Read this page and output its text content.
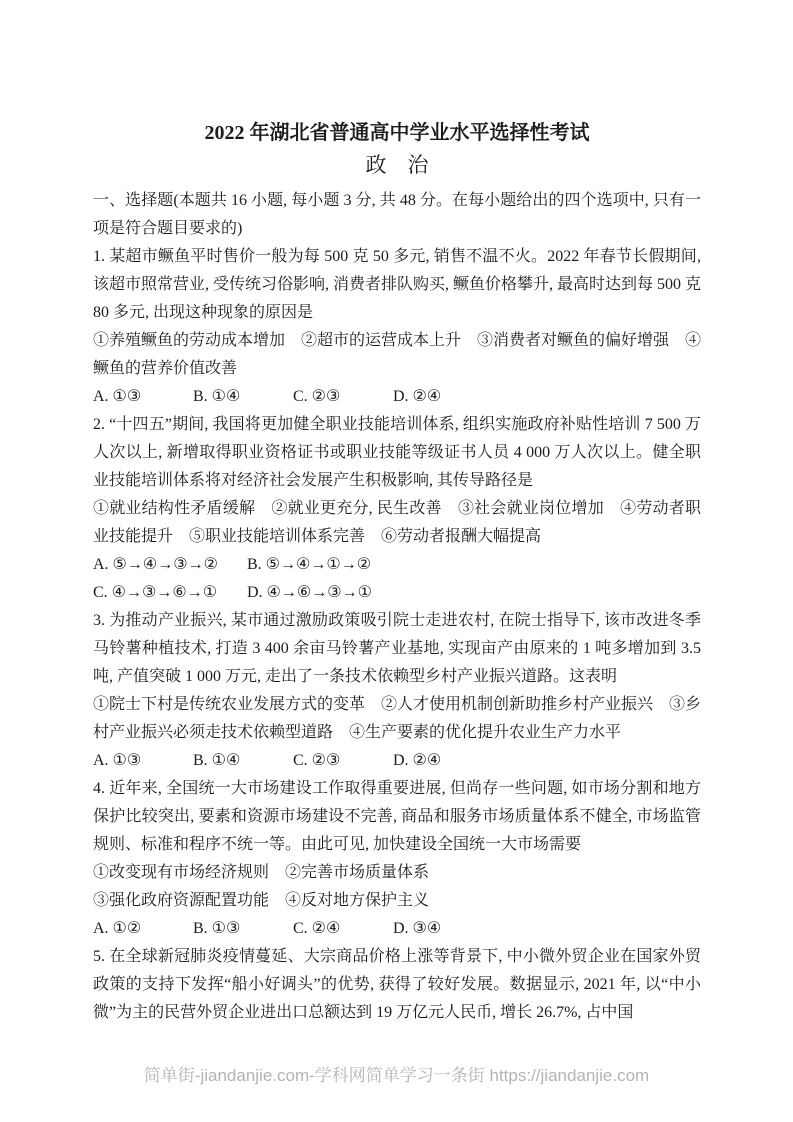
2022 年湖北省普通高中学业水平选择性考试
政　治

一、选择题(本题共 16 小题, 每小题 3 分, 共 48 分。在每小题给出的四个选项中, 只有一项是符合题目要求的)

1. 某超市鳜鱼平时售价一般为每 500 克 50 多元, 销售不温不火。2022 年春节长假期间, 该超市照常营业, 受传统习俗影响, 消费者排队购买, 鳜鱼价格攀升, 最高时达到每 500 克 80 多元, 出现这种现象的原因是

①养殖鳜鱼的劳动成本增加　②超市的运营成本上升　③消费者对鳜鱼的偏好增强　④鳜鱼的营养价值改善

A. ①③	B. ①④	C. ②③	D. ②④

2. “十四五”期间, 我国将更加健全职业技能培训体系, 组织实施政府补贴性培训 7 500 万人次以上, 新增取得职业资格证书或职业技能等级证书人员 4 000 万人次以上。健全职业技能培训体系将对经济社会发展产生积极影响, 其传导路径是

①就业结构性矛盾缓解　②就业更充分, 民生改善　③社会就业岗位增加　④劳动者职业技能提升　⑤职业技能培训体系完善　⑥劳动者报酬大幅提高

A. ⑤→④→③→② B. ⑤→④→①→②

C. ④→③→⑥→① D. ④→⑥→③→①

3. 为推动产业振兴, 某市通过激励政策吸引院士走进农村, 在院士指导下, 该市改进冬季马铃薯种植技术, 打造 3 400 余亩马铃薯产业基地, 实现亩产由原来的 1 吨多增加到 3.5 吨, 产值突破 1 000 万元, 走出了一条技术依赖型乡村产业振兴道路。这表明

①院士下村是传统农业发展方式的变革　②人才使用机制创新助推乡村产业振兴　③乡村产业振兴必须走技术依赖型道路　④生产要素的优化提升农业生产力水平

A. ①③	B. ①④	C. ②③	D. ②④

4. 近年来, 全国统一大市场建设工作取得重要进展, 但尚存一些问题, 如市场分割和地方保护比较突出, 要素和资源市场建设不完善, 商品和服务市场质量体系不健全, 市场监管规则、标准和程序不统一等。由此可见, 加快建设全国统一大市场需要

①改变现有市场经济规则　②完善市场质量体系

③强化政府资源配置功能　④反对地方保护主义

A. ①②	B. ①③	C. ②④	D. ③④

5. 在全球新冠肺炎疫情蔓延、大宗商品价格上涨等背景下, 中小微外贸企业在国家外贸政策的支持下发挥“船小好调头”的优势, 获得了较好发展。数据显示, 2021 年, 以“中小微”为主的民营外贸企业进出口总额达到 19 万亿元人民币, 增长 26.7%, 占中国

简单街-jiandanjie.com-学科网简单学习一条街 https://jiandanjie.com
